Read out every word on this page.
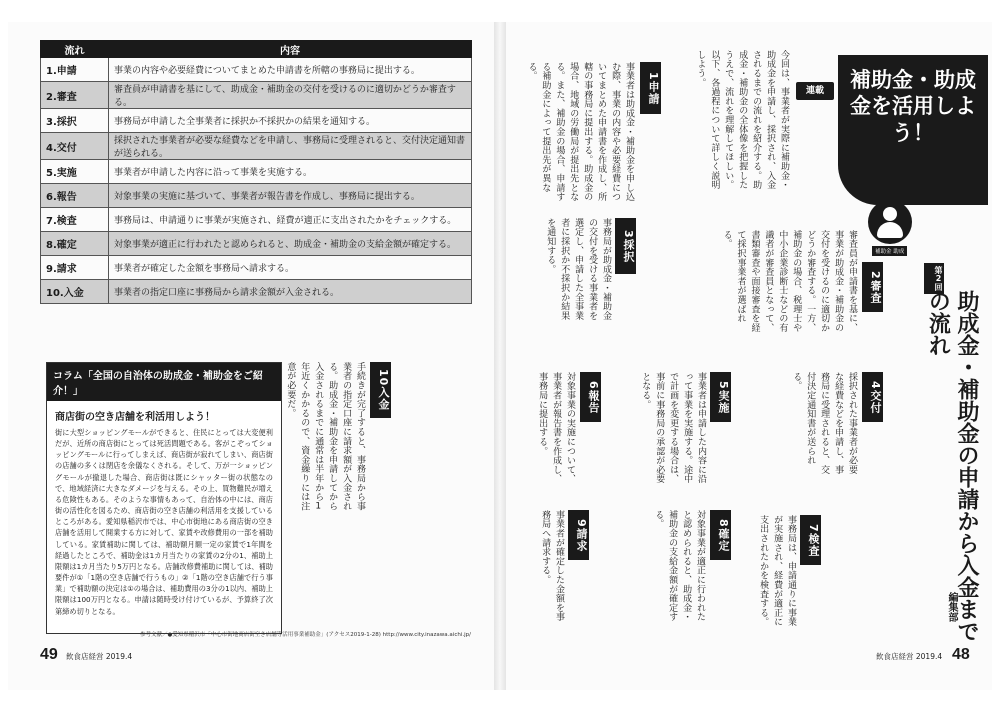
流れ	内容
1.申請	事業の内容や必要経費についてまとめた申請書を所轄の事務局に提出する。
2.審査	審査員が申請書を基にして、助成金・補助金の交付を受けるのに適切かどうか審査する。
3.採択	事務局が申請した全事業者に採択か不採択かの結果を通知する。
4.交付	採択された事業者が必要な経費などを申請し、事務局に受理されると、交付決定通知書が送られる。
5.実施	事業者が申請した内容に沿って事業を実施する。
6.報告	対象事業の実施に基づいて、事業者が報告書を作成し、事務局に提出する。
7.検査	事務局は、申請通りに事業が実施され、経費が適正に支出されたかをチェックする。
8.確定	対象事業が適正に行われたと認められると、助成金・補助金の支給金額が確定する。
9.請求	事業者が確定した金額を事務局へ請求する。
10.入金	事業者の指定口座に事務局から請求金額が入金される。
コラム「全国の自治体の助成金・補助金をご紹介！」
商店街の空き店舗を利活用しよう！
街に大型ショッピングモールができると、住民にとっては大変便利だが、近所の商店街にとっては死活問題である。客がこぞってショッピングモールに行ってしまえば、商店街が寂れてしまい、商店街の店舗の多くは閉店を余儀なくされる。そして、万が一ショッピングモールが撤退した場合、商店街は既にシャッター街の状態なので、地域経済に大きなダメージを与える。その上、買物難民が増える危険性もある。そのような事情もあって、自治体の中には、商店街の活性化を図るため、商店街の空き店舗の利活用を支援しているところがある。愛知県稲沢市では、中心市街地にある商店街の空き店舗を活用して開業する方に対して、家賃や改修費用の一部を補助している。家賃補助に関しては、補助額月額一定の家賃で1年間を経過したところで、補助金は1カ月当たりの家賃の2分の1、補助上限額は1カ月当たり5万円となる。店舗改修費補助に関しては、補助要件が①「1階の空き店舗で行うもの」②「1階の空き店舗で行う事業」で補助額の決定は①の場合は、補助費用の3分の1以内、補助上限額は100万円となる。申請は随時受け付けているが、予算終了次第締め切りとなる。
今回は、事業者が実際に補助金・助成金を申請し、採択され、入金されるまでの流れを紹介する。助成金・補助金の全体像を把握したうえで、流れを理解してほしい。以下、各過程について詳しく説明しよう。
1申請
事業者は助成金・補助金を申し込む際、事業の内容や必要経費についてまとめた申請書を作成し、所轄の事務局に提出する。助成金の場合、地域の労働局が提出先となる。また、補助金の場合、申請する補助金によって提出先が異なる。
3採択
事務局が助成金・補助金の交付を受ける事業者を選定し、申請した全事業者に採択か不採択か結果を通知する。
10入金
手続きが完了すると、事務局から事業者の指定口座に請求額が入金される。助成金・補助金を申請してから入金されるまでに通常は半年から1年近くかかるので、資金繰りには注意が必要だ。
参考文献／●愛知県稲沢市「中心市街地商店街空き店舗等活用事業補助金」(アクセス2019-1-28) http://www.city.inazawa.aichi.jp/
49 飲食店経営 2019.4
2審査
審査員が申請書を基に、事業が助成金・補助金の交付を受けるのに適切かどうか審査する。一方、補助金の場合、税理士や中小企業診断士などの有識者が審査員となって、書類審査や面接審査を経て採択事業者が選ばれる。
4交付
採択された事業者が必要な経費などを申請し、事務局に受理されると、交付決定通知書が送られる。
5実施
事業者は申請した内容に沿って事業を実施する。途中で計画を変更する場合は、事前に事務局の承認が必要となる。
6報告
対象事業の実施について、事業者が報告書を作成し、事務局に提出する。
7検査
事務局は、申請通りに事業が実施され、経費が適正に支出されたかを検査する。
8確定
対象事業が適正に行われたと認められると、助成金・補助金の支給金額が確定する。
9請求
事業者が確定した金額を事務局へ請求する。
連載	補助金・助成金を活用しよう！
補助金 助成
第2回
助成金・補助金の申請から入金までの流れ
編集部
飲食店経営 2019.4 48
